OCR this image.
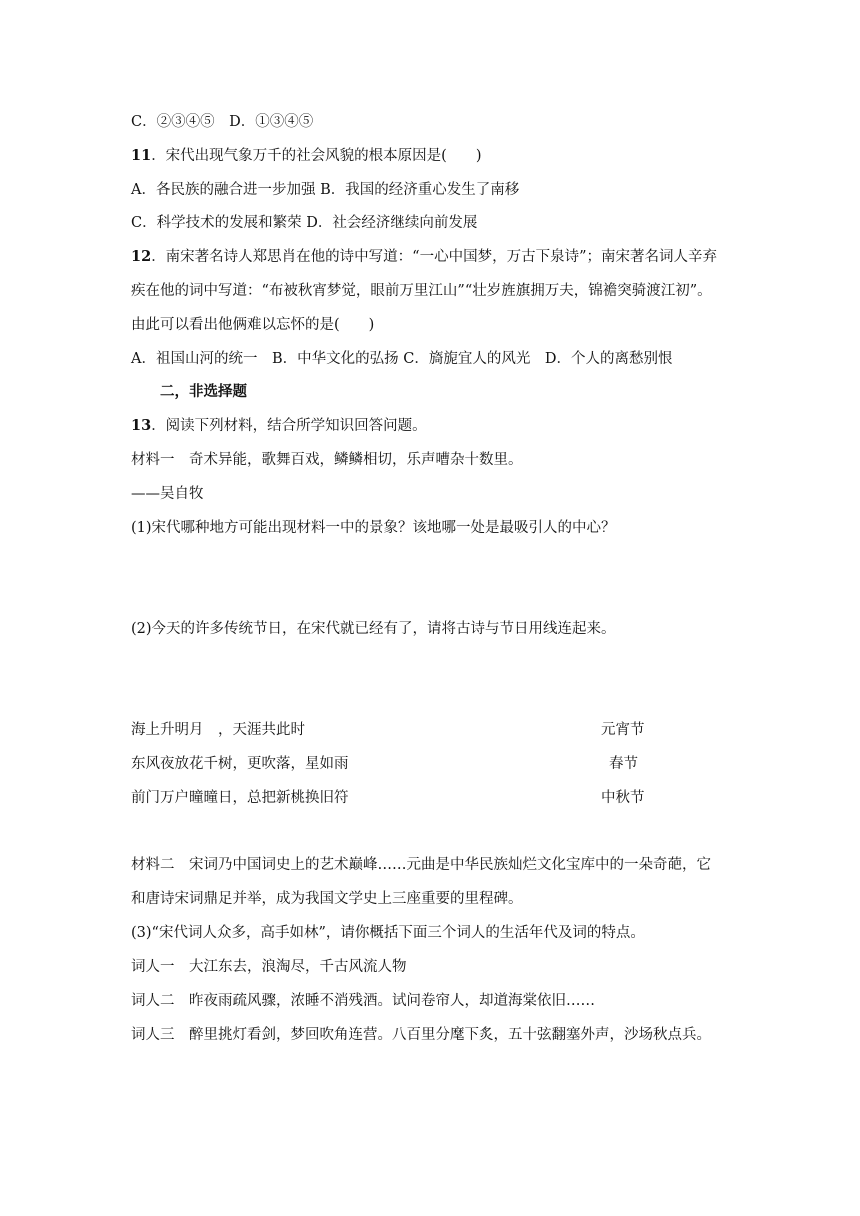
C．②③④⑤　D．①③④⑤
11．宋代出现气象万千的社会风貌的根本原因是(　　)
A．各民族的融合进一步加强 B．我国的经济重心发生了南移
C．科学技术的发展和繁荣 D．社会经济继续向前发展
12．南宋著名诗人郑思肖在他的诗中写道：“一心中国梦，万古下泉诗”；南宋著名词人辛弃
疾在他的词中写道：“布被秋宵梦觉，眼前万里江山”“壮岁旌旗拥万夫，锦襜突骑渡江初”。
由此可以看出他俩难以忘怀的是(　　)
A．祖国山河的统一　B．中华文化的弘扬 C．旖旎宜人的风光　D．个人的离愁别恨
二，非选择题
13．阅读下列材料，结合所学知识回答问题。
材料一　奇术异能，歌舞百戏，鳞鳞相切，乐声嘈杂十数里。
——吴自牧
(1)宋代哪种地方可能出现材料一中的景象？该地哪一处是最吸引人的中心？
(2)今天的许多传统节日，在宋代就已经有了，请将古诗与节日用线连起来。
海上升明月　，天涯共此时	元宵节
东风夜放花千树，更吹落，星如雨	春节
前门万户曈曈日，总把新桃换旧符	中秋节
材料二　宋词乃中国词史上的艺术巅峰……元曲是中华民族灿烂文化宝库中的一朵奇葩，它
和唐诗宋词鼎足并举，成为我国文学史上三座重要的里程碑。
(3)“宋代词人众多，高手如林”，请你概括下面三个词人的生活年代及词的特点。
词人一　大江东去，浪淘尽，千古风流人物
词人二　昨夜雨疏风骤，浓睡不消残酒。试问卷帘人，却道海棠依旧……
词人三　醉里挑灯看剑，梦回吹角连营。八百里分麾下炙，五十弦翻塞外声，沙场秋点兵。
